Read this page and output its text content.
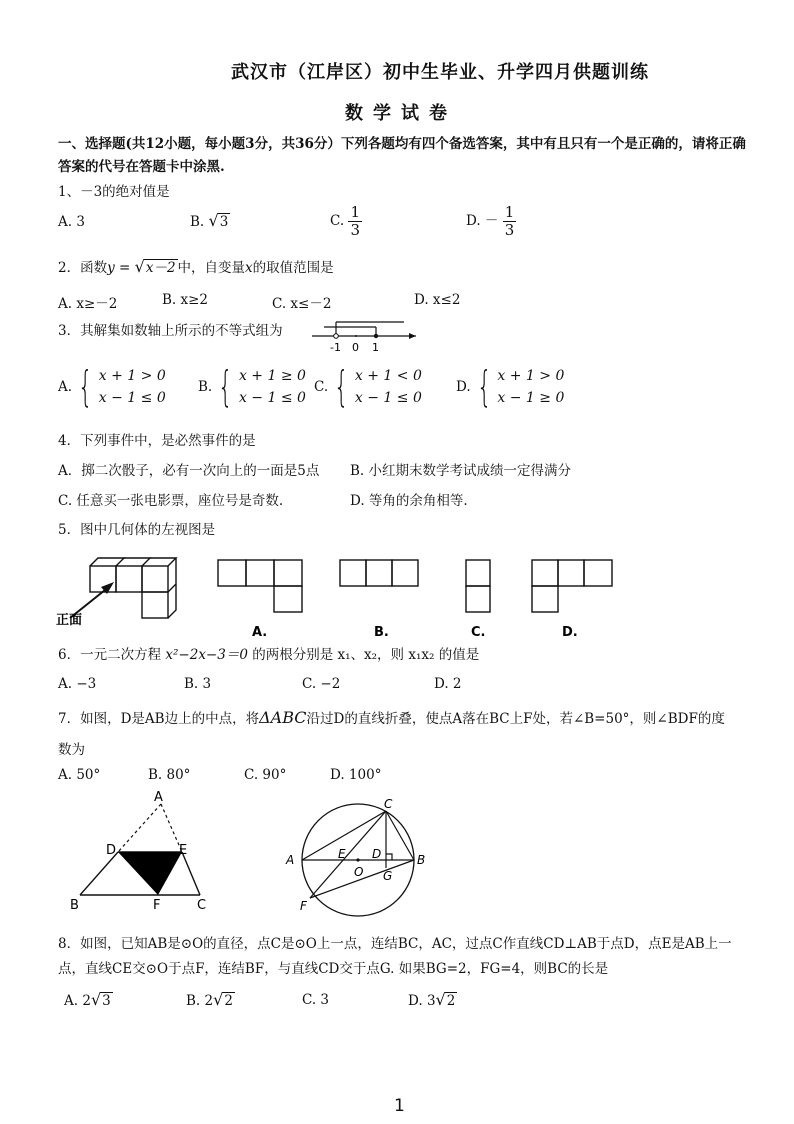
武汉市（江岸区）初中生毕业、升学四月供题训练
数学试卷
一、选择题(共12小题，每小题3分，共36分）下列各题均有四个备选答案，其中有且只有一个是正确的，请将正确答案的代号在答题卡中涂黑.
1、－3的绝对值是
A. 3	B. √3	C. $\frac{1}{3}$	D. － $\frac{1}{3}$
2．函数y = √x－2 中，自变量x的取值范围是
A. x≥－2	B. x≥2	C. x≤－2	D. x≤2
3．其解集如数轴上所示的不等式组为
-1 0 1
A. { x + 1 > 0
x − 1 ≤ 0
B. { x + 1 ≥ 0
x − 1 ≤ 0
C. { x + 1 < 0
x − 1 ≤ 0
D. { x + 1 > 0
x − 1 ≥ 0
4．下列事件中，是必然事件的是
A．掷二次骰子，必有一次向上的一面是5点 B. 小红期末数学考试成绩一定得满分
C. 任意买一张电影票，座位号是奇数.	D. 等角的余角相等.
5．图中几何体的左视图是
正面
A.	B.	C.	D.
6．一元二次方程 x²−2x−3＝0 的两根分别是 x₁、x₂，则 x₁x₂ 的值是
A. −3	B. 3	C. −2	D. 2
7．如图，D是AB边上的中点，将ΔABC沿过D的直线折叠，使点A落在BC上F处，若∠B=50°，则∠BDF的度
数为
A. 50°	B. 80°	C. 90°	D. 100°
A
D	E
B	F	C
C
A	E D	B
O G
F
8．如图，已知AB是⊙O的直径，点C是⊙O上一点，连结BC，AC，过点C作直线CD⊥AB于点D，点E是AB上一点，直线CE交⊙O于点F，连结BF，与直线CD交于点G. 如果BG=2，FG=4，则BC的长是
A. 2√3	B. 2√2	C. 3	D. 3√2
1
